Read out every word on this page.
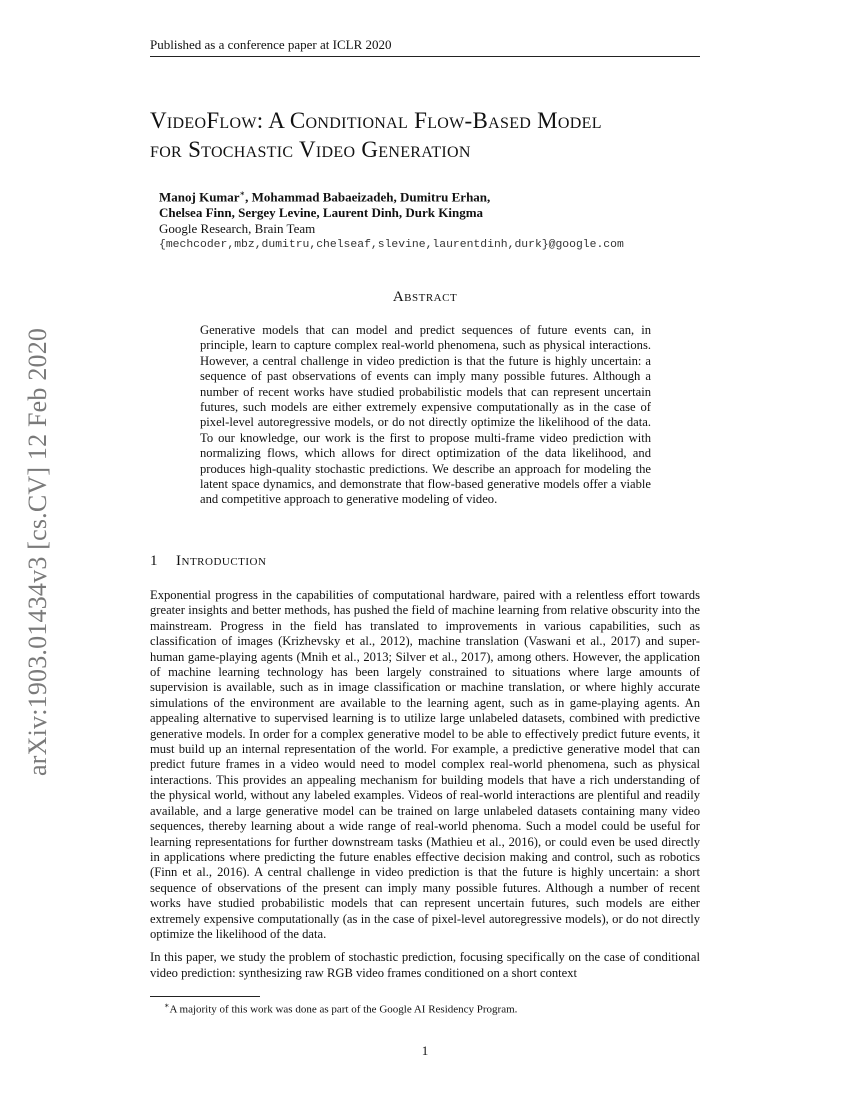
Published as a conference paper at ICLR 2020
VideoFlow: A Conditional Flow-Based Model
for Stochastic Video Generation
Manoj Kumar∗, Mohammad Babaeizadeh, Dumitru Erhan,
Chelsea Finn, Sergey Levine, Laurent Dinh, Durk Kingma
Google Research, Brain Team
{mechcoder,mbz,dumitru,chelseaf,slevine,laurentdinh,durk}@google.com
arXiv:1903.01434v3 [cs.CV] 12 Feb 2020
Abstract
Generative models that can model and predict sequences of future events can, in principle, learn to capture complex real-world phenomena, such as physical interactions. However, a central challenge in video prediction is that the future is highly uncertain: a sequence of past observations of events can imply many possible futures. Although a number of recent works have studied probabilistic models that can represent uncertain futures, such models are either extremely expensive computationally as in the case of pixel-level autoregressive models, or do not directly optimize the likelihood of the data. To our knowledge, our work is the first to propose multi-frame video prediction with normalizing flows, which allows for direct optimization of the data likelihood, and produces high-quality stochastic predictions. We describe an approach for modeling the latent space dynamics, and demonstrate that flow-based generative models offer a viable and competitive approach to generative modeling of video.
1 Introduction

Exponential progress in the capabilities of computational hardware, paired with a relentless effort towards greater insights and better methods, has pushed the field of machine learning from relative obscurity into the mainstream. Progress in the field has translated to improvements in various capabilities, such as classification of images (Krizhevsky et al., 2012), machine translation (Vaswani et al., 2017) and super-human game-playing agents (Mnih et al., 2013; Silver et al., 2017), among others. However, the application of machine learning technology has been largely constrained to situations where large amounts of supervision is available, such as in image classification or machine translation, or where highly accurate simulations of the environment are available to the learning agent, such as in game-playing agents. An appealing alternative to supervised learning is to utilize large unlabeled datasets, combined with predictive generative models. In order for a complex generative model to be able to effectively predict future events, it must build up an internal representation of the world. For example, a predictive generative model that can predict future frames in a video would need to model complex real-world phenomena, such as physical interactions. This provides an appealing mechanism for building models that have a rich understanding of the physical world, without any labeled examples. Videos of real-world interactions are plentiful and readily available, and a large generative model can be trained on large unlabeled datasets containing many video sequences, thereby learning about a wide range of real-world phenoma. Such a model could be useful for learning representations for further downstream tasks (Mathieu et al., 2016), or could even be used directly in applications where predicting the future enables effective decision making and control, such as robotics (Finn et al., 2016). A central challenge in video prediction is that the future is highly uncertain: a short sequence of observations of the present can imply many possible futures. Although a number of recent works have studied probabilistic models that can represent uncertain futures, such models are either extremely expensive computationally (as in the case of pixel-level autoregressive models), or do not directly optimize the likelihood of the data.

In this paper, we study the problem of stochastic prediction, focusing specifically on the case of conditional video prediction: synthesizing raw RGB video frames conditioned on a short context

∗A majority of this work was done as part of the Google AI Residency Program.
1
